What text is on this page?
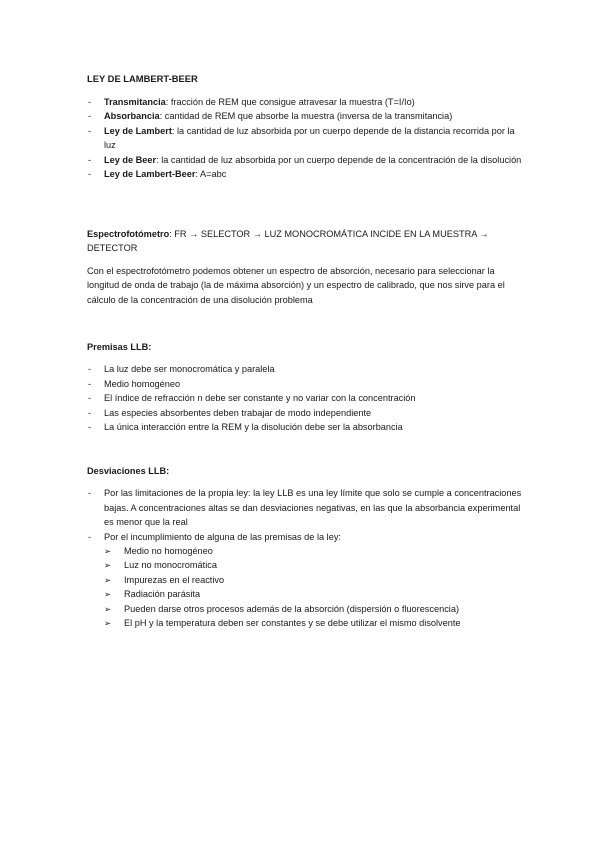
LEY DE LAMBERT-BEER
- Transmitancia: fracción de REM que consigue atravesar la muestra (T=I/Io)
- Absorbancia: cantidad de REM que absorbe la muestra (inversa de la transmitancia)
- Ley de Lambert: la cantidad de luz absorbida por un cuerpo depende de la distancia recorrida por la luz
- Ley de Beer: la cantidad de luz absorbida por un cuerpo depende de la concentración de la disolución
- Ley de Lambert-Beer: A=abc

Espectrofotómetro: FR → SELECTOR → LUZ MONOCROMÁTICA INCIDE EN LA MUESTRA → DETECTOR

Con el espectrofotómetro podemos obtener un espectro de absorción, necesario para seleccionar la longitud de onda de trabajo (la de máxima absorción) y un espectro de calibrado, que nos sirve para el cálculo de la concentración de una disolución problema

Premisas LLB:

- La luz debe ser monocromática y paralela
- Medio homogéneo
- El índice de refracción n debe ser constante y no variar con la concentración
- Las especies absorbentes deben trabajar de modo independiente
- La única interacción entre la REM y la disolución debe ser la absorbancia

Desviaciones LLB:

- Por las limitaciones de la propia ley: la ley LLB es una ley límite que solo se cumple a concentraciones bajas. A concentraciones altas se dan desviaciones negativas, en las que la absorbancia experimental es menor que la real
- Por el incumplimiento de alguna de las premisas de la ley:
➢ Medio no homogéneo
➢ Luz no monocromática
➢ Impurezas en el reactivo
➢ Radiación parásita
➢ Pueden darse otros procesos además de la absorción (dispersión o fluorescencia)
➢ El pH y la temperatura deben ser constantes y se debe utilizar el mismo disolvente
